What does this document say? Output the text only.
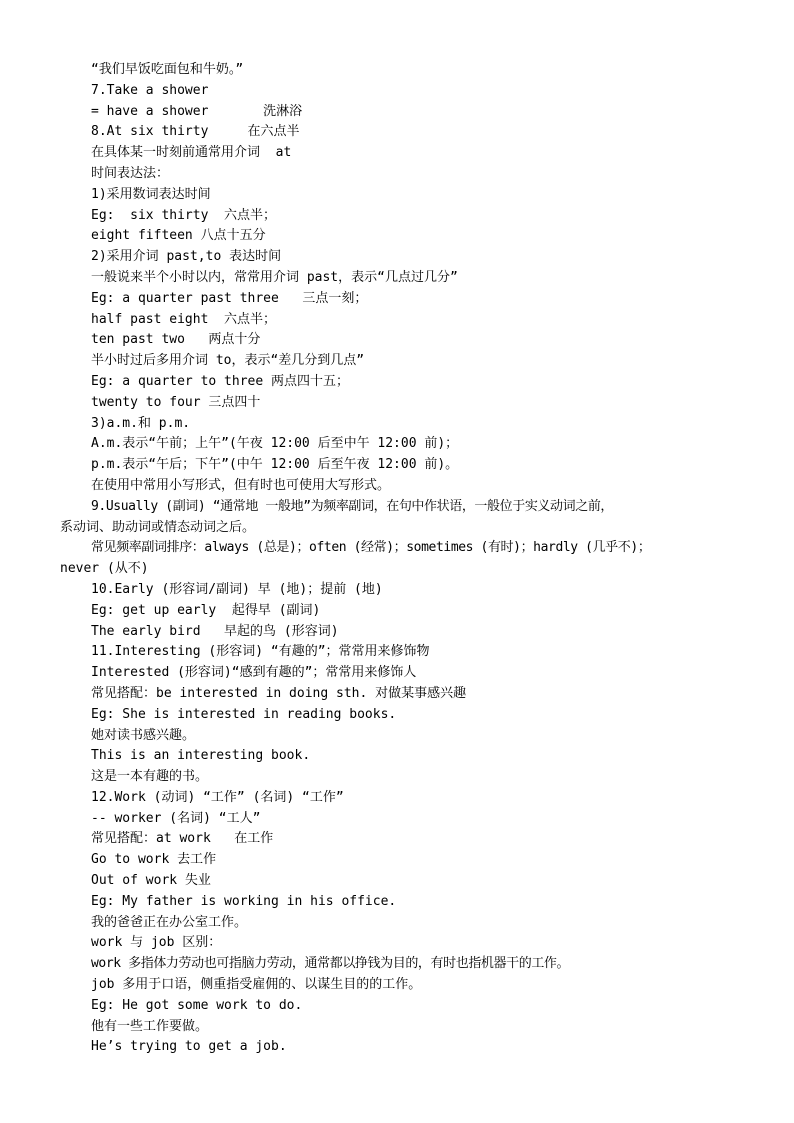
“我们早饭吃面包和牛奶。”

7.Take a shower

= have a shower       洗淋浴

8.At six thirty     在六点半

在具体某一时刻前通常用介词  at

时间表达法：

1)采用数词表达时间

Eg:  six thirty  六点半；

eight fifteen 八点十五分

2)采用介词 past,to 表达时间

一般说来半个小时以内，常常用介词 past，表示“几点过几分”

Eg: a quarter past three   三点一刻；

half past eight  六点半；

ten past two   两点十分

半小时过后多用介词 to，表示“差几分到几点”

Eg: a quarter to three 两点四十五；

twenty to four 三点四十

3)a.m.和 p.m.

A.m.表示“午前；上午”(午夜 12:00 后至中午 12:00 前)；

p.m.表示“午后；下午”(中午 12:00 后至午夜 12:00 前)。

在使用中常用小写形式，但有时也可使用大写形式。

9.Usually (副词) “通常地 一般地”为频率副词，在句中作状语，一般位于实义动词之前，

系动词、助动词或情态动词之后。

常见频率副词排序：always (总是)；often (经常)；sometimes (有时)；hardly (几乎不)；

never (从不)

10.Early (形容词/副词) 早 (地)；提前 (地)

Eg: get up early  起得早 (副词)

The early bird   早起的鸟 (形容词)

11.Interesting (形容词) “有趣的”；常常用来修饰物

Interested (形容词)“感到有趣的”；常常用来修饰人

常见搭配：be interested in doing sth. 对做某事感兴趣

Eg: She is interested in reading books.

她对读书感兴趣。

This is an interesting book.

这是一本有趣的书。

12.Work (动词) “工作” (名词) “工作”

-- worker (名词) “工人”

常见搭配：at work   在工作

Go to work 去工作

Out of work 失业

Eg: My father is working in his office.

我的爸爸正在办公室工作。

work 与 job 区别：

work 多指体力劳动也可指脑力劳动，通常都以挣钱为目的，有时也指机器干的工作。

job 多用于口语，侧重指受雇佣的、以谋生目的的工作。

Eg: He got some work to do.

他有一些工作要做。

He’s trying to get a job.
